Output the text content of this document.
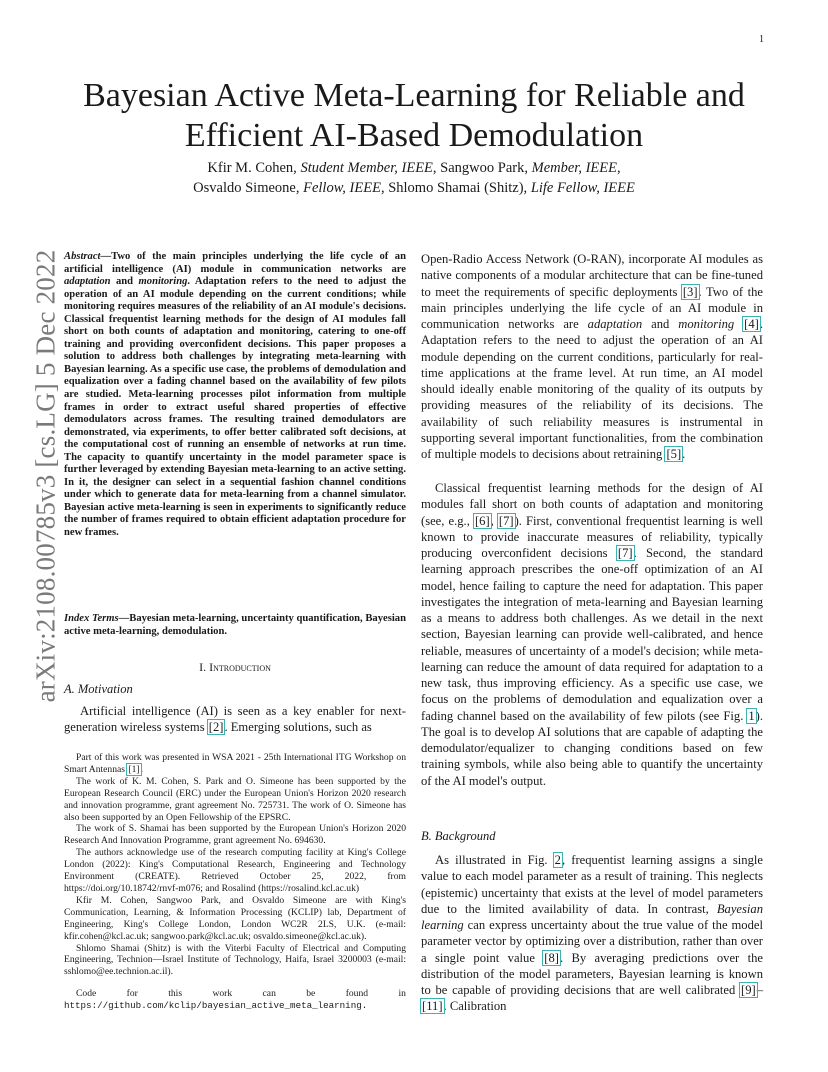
1
arXiv:2108.00785v3 [cs.LG] 5 Dec 2022
Bayesian Active Meta-Learning for Reliable and
Efficient AI-Based Demodulation
Kfir M. Cohen, Student Member, IEEE, Sangwoo Park, Member, IEEE,
Osvaldo Simeone, Fellow, IEEE, Shlomo Shamai (Shitz), Life Fellow, IEEE
Abstract—Two of the main principles underlying the life cycle of an artificial intelligence (AI) module in communication networks are adaptation and monitoring. Adaptation refers to the need to adjust the operation of an AI module depending on the current conditions; while monitoring requires measures of the reliability of an AI module's decisions. Classical frequentist learning methods for the design of AI modules fall short on both counts of adaptation and monitoring, catering to one-off training and providing overconfident decisions. This paper proposes a solution to address both challenges by integrating meta-learning with Bayesian learning. As a specific use case, the problems of demodulation and equalization over a fading channel based on the availability of few pilots are studied. Meta-learning processes pilot information from multiple frames in order to extract useful shared properties of effective demodulators across frames. The resulting trained demodulators are demonstrated, via experiments, to offer better calibrated soft decisions, at the computational cost of running an ensemble of networks at run time. The capacity to quantify uncertainty in the model parameter space is further leveraged by extending Bayesian meta-learning to an active setting. In it, the designer can select in a sequential fashion channel conditions under which to generate data for meta-learning from a channel simulator. Bayesian active meta-learning is seen in experiments to significantly reduce the number of frames required to obtain efficient adaptation procedure for new frames.
Index Terms—Bayesian meta-learning, uncertainty quantification, Bayesian active meta-learning, demodulation.
I. Introduction
A. Motivation
Artificial intelligence (AI) is seen as a key enabler for next-generation wireless systems [2]. Emerging solutions, such as

Part of this work was presented in WSA 2021 - 25th International ITG Workshop on Smart Antennas [1].

The work of K. M. Cohen, S. Park and O. Simeone has been supported by the European Research Council (ERC) under the European Union's Horizon 2020 research and innovation programme, grant agreement No. 725731. The work of O. Simeone has also been supported by an Open Fellowship of the EPSRC.

The work of S. Shamai has been supported by the European Union's Horizon 2020 Research And Innovation Programme, grant agreement No. 694630.

The authors acknowledge use of the research computing facility at King's College London (2022): King's Computational Research, Engineering and Technology Environment (CREATE). Retrieved October 25, 2022, from https://doi.org/10.18742/rnvf-m076; and Rosalind (https://rosalind.kcl.ac.uk)

Kfir M. Cohen, Sangwoo Park, and Osvaldo Simeone are with King's Communication, Learning, & Information Processing (KCLIP) lab, Department of Engineering, King's College London, London WC2R 2LS, U.K. (e-mail: kfir.cohen@kcl.ac.uk; sangwoo.park@kcl.ac.uk; osvaldo.simeone@kcl.ac.uk).

Shlomo Shamai (Shitz) is with the Viterbi Faculty of Electrical and Computing Engineering, Technion—Israel Institute of Technology, Haifa, Israel 3200003 (e-mail: sshlomo@ee.technion.ac.il).

Code	for	this	work	can	be	found	in
https://github.com/kclip/bayesian_active_meta_learning.
Open-Radio Access Network (O-RAN), incorporate AI modules as native components of a modular architecture that can be fine-tuned to meet the requirements of specific deployments [3]. Two of the main principles underlying the life cycle of an AI module in communication networks are adaptation and monitoring [4]. Adaptation refers to the need to adjust the operation of an AI module depending on the current conditions, particularly for real-time applications at the frame level. At run time, an AI model should ideally enable monitoring of the quality of its outputs by providing measures of the reliability of its decisions. The availability of such reliability measures is instrumental in supporting several important functionalities, from the combination of multiple models to decisions about retraining [5].
Classical frequentist learning methods for the design of AI modules fall short on both counts of adaptation and monitoring (see, e.g., [6], [7]). First, conventional frequentist learning is well known to provide inaccurate measures of reliability, typically producing overconfident decisions [7]. Second, the standard learning approach prescribes the one-off optimization of an AI model, hence failing to capture the need for adaptation. This paper investigates the integration of meta-learning and Bayesian learning as a means to address both challenges. As we detail in the next section, Bayesian learning can provide well-calibrated, and hence reliable, measures of uncertainty of a model's decision; while meta-learning can reduce the amount of data required for adaptation to a new task, thus improving efficiency. As a specific use case, we focus on the problems of demodulation and equalization over a fading channel based on the availability of few pilots (see Fig. 1). The goal is to develop AI solutions that are capable of adapting the demodulator/equalizer to changing conditions based on few training symbols, while also being able to quantify the uncertainty of the AI model's output.
B. Background
As illustrated in Fig. 2, frequentist learning assigns a single value to each model parameter as a result of training. This neglects (epistemic) uncertainty that exists at the level of model parameters due to the limited availability of data. In contrast, Bayesian learning can express uncertainty about the true value of the model parameter vector by optimizing over a distribution, rather than over a single point value [8]. By averaging predictions over the distribution of the model parameters, Bayesian learning is known to be capable of providing decisions that are well calibrated [9]–[11]. Calibration
